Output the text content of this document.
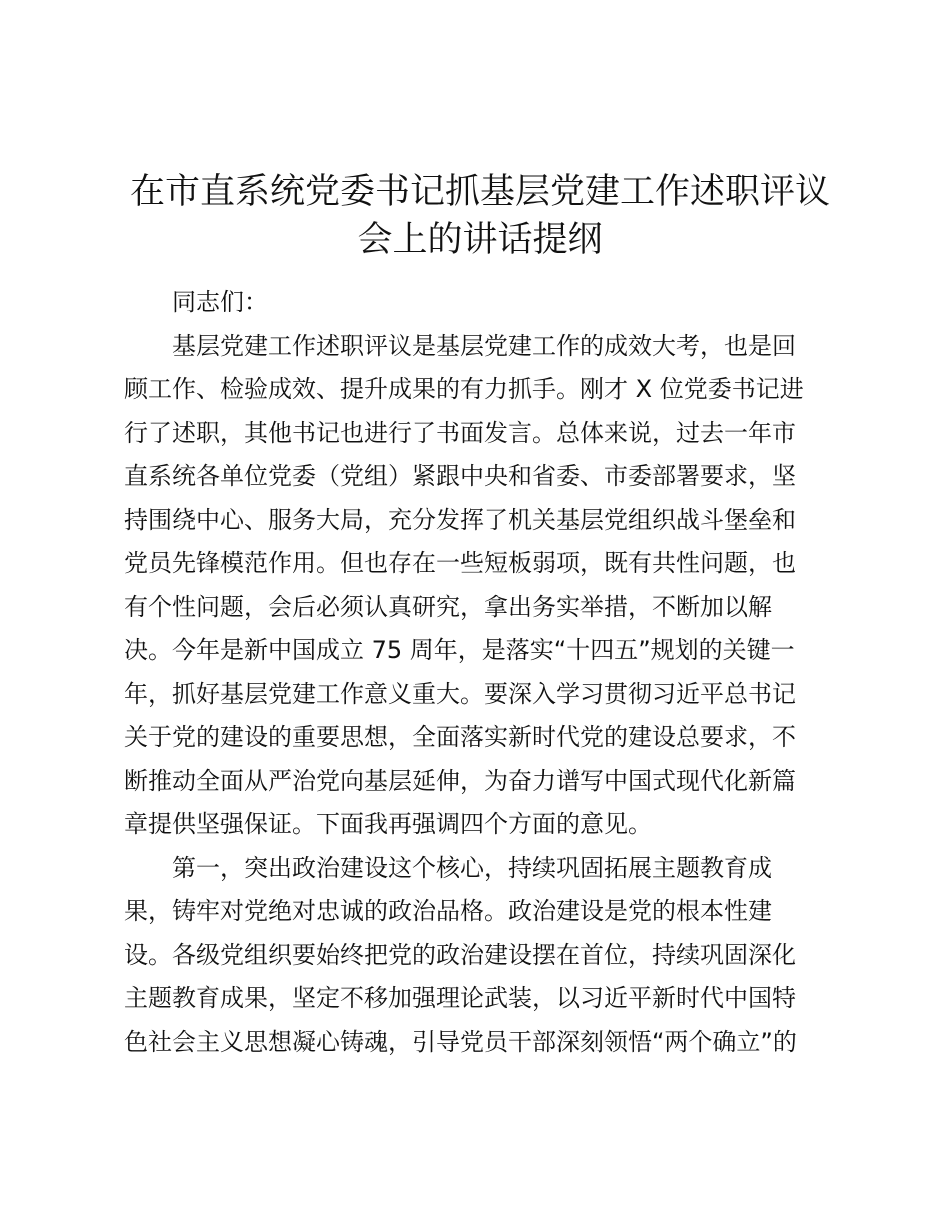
在市直系统党委书记抓基层党建工作述职评议
会上的讲话提纲

同志们：

基层党建工作述职评议是基层党建工作的成效大考，也是回
顾工作、检验成效、提升成果的有力抓手。刚才 X 位党委书记进
行了述职，其他书记也进行了书面发言。总体来说，过去一年市
直系统各单位党委（党组）紧跟中央和省委、市委部署要求，坚
持围绕中心、服务大局，充分发挥了机关基层党组织战斗堡垒和
党员先锋模范作用。但也存在一些短板弱项，既有共性问题，也
有个性问题，会后必须认真研究，拿出务实举措，不断加以解
决。今年是新中国成立 75 周年，是落实“十四五”规划的关键一
年，抓好基层党建工作意义重大。要深入学习贯彻习近平总书记
关于党的建设的重要思想，全面落实新时代党的建设总要求，不
断推动全面从严治党向基层延伸，为奋力谱写中国式现代化新篇
章提供坚强保证。下面我再强调四个方面的意见。

第一，突出政治建设这个核心，持续巩固拓展主题教育成
果，铸牢对党绝对忠诚的政治品格。政治建设是党的根本性建
设。各级党组织要始终把党的政治建设摆在首位，持续巩固深化
主题教育成果，坚定不移加强理论武装，以习近平新时代中国特
色社会主义思想凝心铸魂，引导党员干部深刻领悟“两个确立”的
